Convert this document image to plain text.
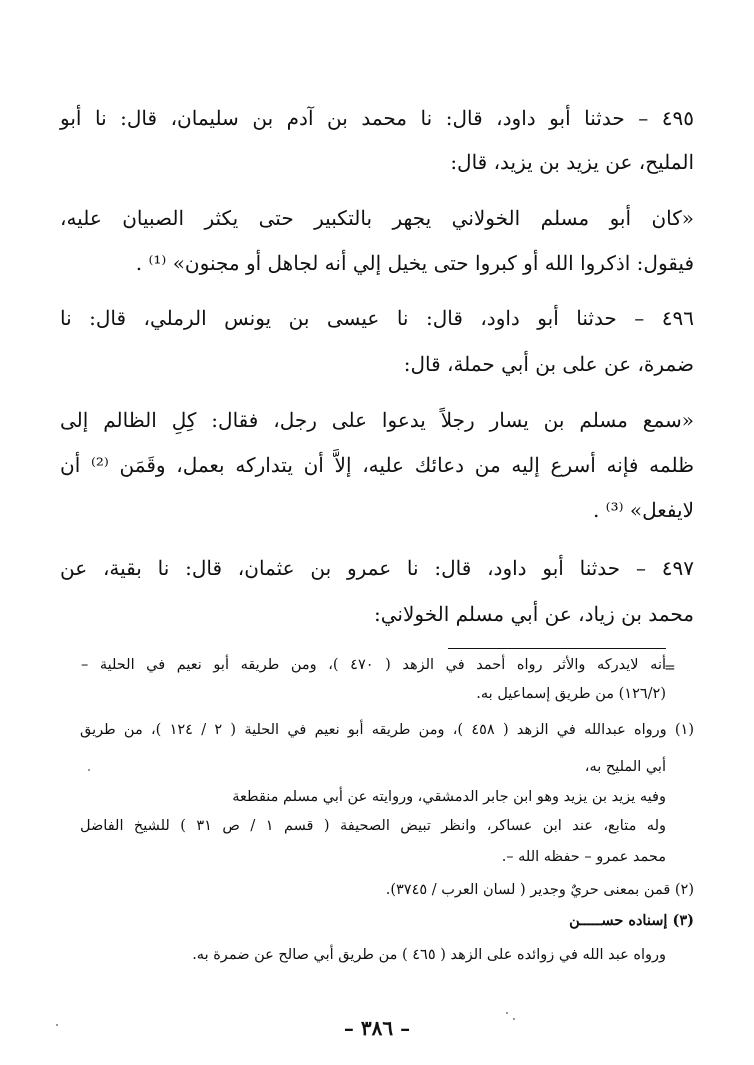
٤٩٥ – حدثنا أبو داود، قال: نا محمد بن آدم بن سليمان، قال: نا أبو
المليح، عن يزيد بن يزيد، قال:
«كان أبو مسلم الخولاني يجهر بالتكبير حتى يكثر الصبيان عليه،
فيقول: اذكروا الله أو كبروا حتى يخيل إلي أنه لجاهل أو مجنون» ⁽¹⁾ .
٤٩٦ – حدثنا أبو داود، قال: نا عيسى بن يونس الرملي، قال: نا
ضمرة، عن على بن أبي حملة، قال:
«سمع مسلم بن يسار رجلاً يدعوا على رجل، فقال: كِلِ الظالم إلى
ظلمه فإنه أسرع إليه من دعائك عليه، إلاَّ أن يتداركه بعمل، وقَمَن ⁽²⁾ أن
لايفعل» ⁽³⁾ .
٤٩٧ – حدثنا أبو داود، قال: نا عمرو بن عثمان، قال: نا بقية، عن
محمد بن زياد، عن أبي مسلم الخولاني:
=
أنه لايدركه والأثر رواه أحمد في الزهد ( ٤٧٠ )، ومن طريقه أبو نعيم في الحلية –
(١٢٦/٢) من طريق إسماعيل به.
(١) ورواه عبدالله في الزهد ( ٤٥٨ )، ومن طريقه أبو نعيم في الحلية ( ٢ / ١٢٤ )، من طريق
أبي المليح به،
وفيه يزيد بن يزيد وهو ابن جابر الدمشقي، وروايته عن أبي مسلم منقطعة
وله متابع، عند ابن عساكر، وانظر تبيض الصحيفة ( قسم ١ / ص ٣١ ) للشيخ الفاضل
محمد عمرو – حفظه الله –.
(٢) قمن بمعنى حريٌ وجدير ( لسان العرب / ٣٧٤٥).
(٣) إسناده حســـــن
ورواه عبد الله في زوائده على الزهد ( ٤٦٥ ) من طريق أبي صالح عن ضمرة به.
– ٣٨٦ –
